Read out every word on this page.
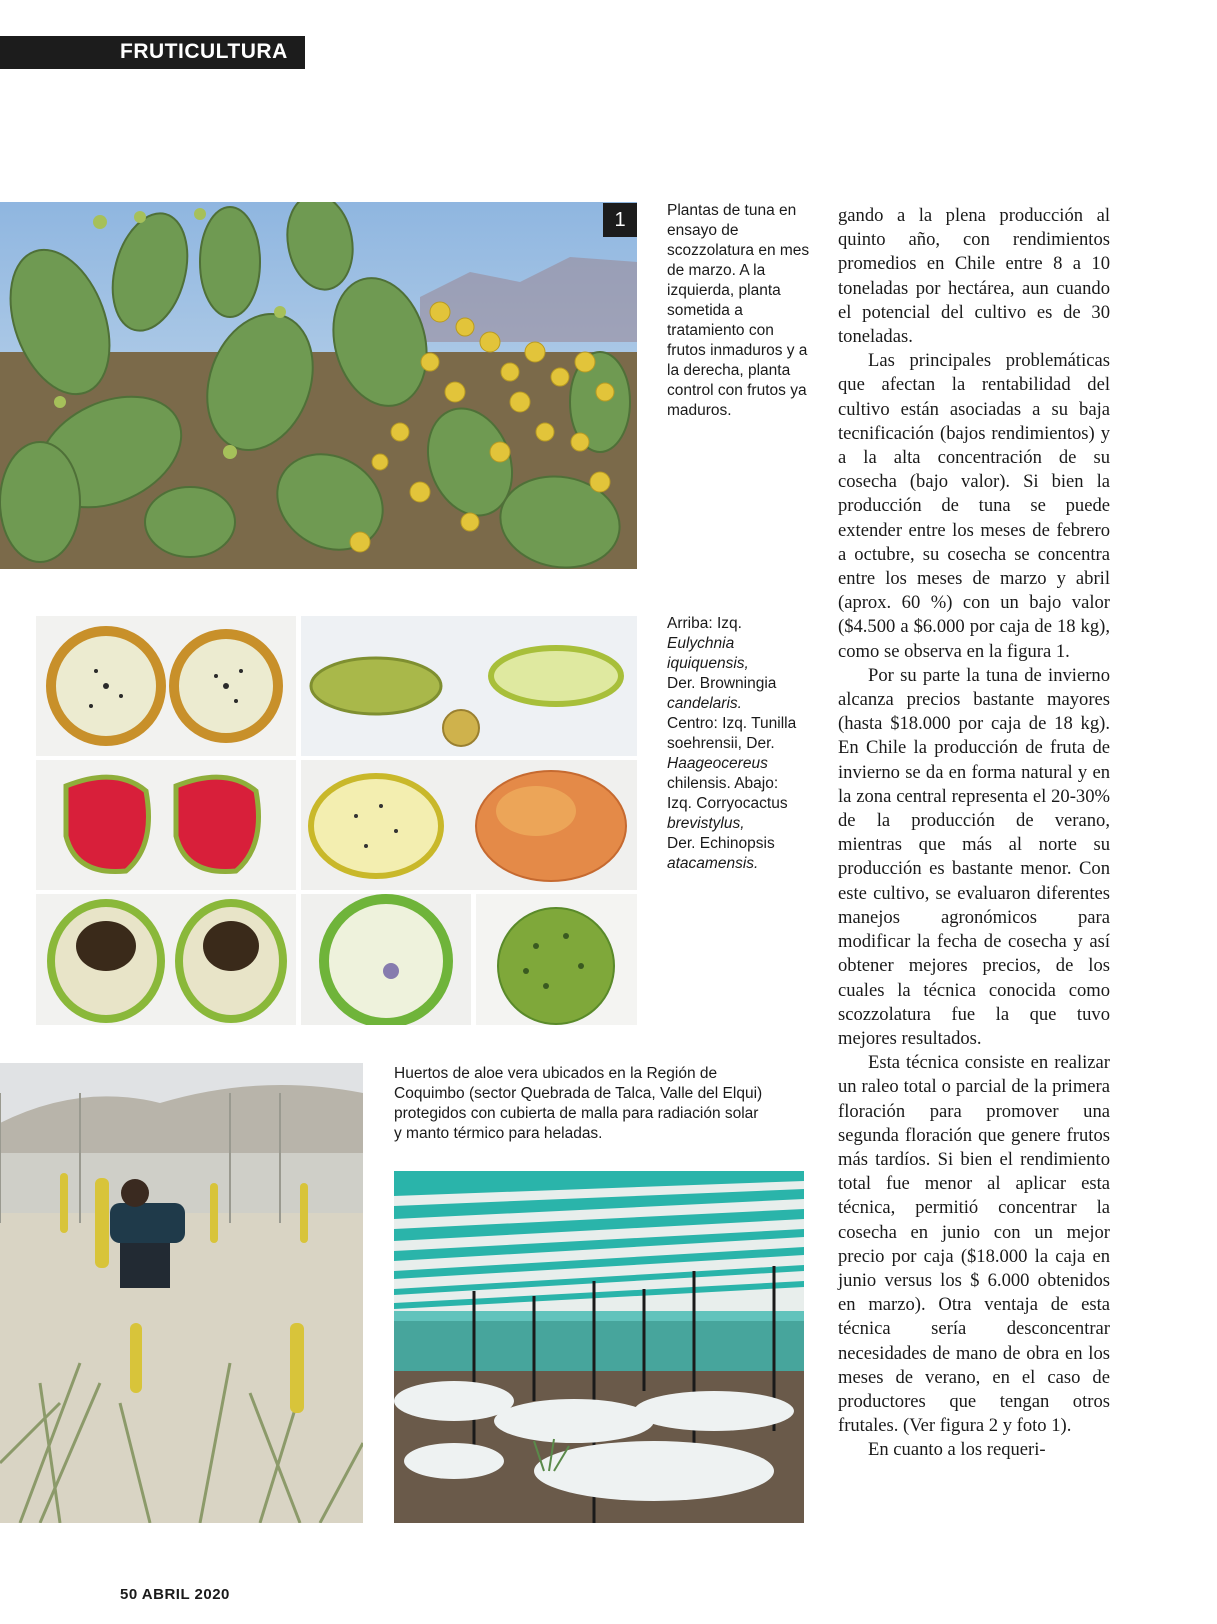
FRUTICULTURA
1	Plantas de tuna en ensayo de scozzolatura en mes de marzo. A la izquierda, planta sometida a tratamiento con frutos inmaduros y a la derecha, planta control con frutos ya maduros.

Arriba: Izq.

Eulychnia

iquiquensis,

Der. Browningia

candelaris.

Centro: Izq. Tunilla

soehrensii, Der.

Haageocereus

chilensis. Abajo:

Izq. Corryocactus

brevistylus,

Der. Echinopsis

atacamensis.

Huertos de aloe vera ubicados en la Región de Coquimbo (sector Quebrada de Talca, Valle del Elqui) protegidos con cubierta de malla para radiación solar y manto térmico para heladas.

gando a la plena producción al quinto año, con rendimientos promedios en Chile entre 8 a 10 toneladas por hectárea, aun cuando el potencial del cultivo es de 30 toneladas.

Las principales problemáticas que afectan la rentabilidad del cultivo están asociadas a su baja tecnificación (bajos rendimientos) y a la alta concentración de su cosecha (bajo valor). Si bien la producción de tuna se puede extender entre los meses de febrero a octubre, su cosecha se concentra entre los meses de marzo y abril (aprox. 60 %) con un bajo valor ($4.500 a $6.000 por caja de 18 kg), como se observa en la figura 1.

Por su parte la tuna de invierno alcanza precios bastante mayores (hasta $18.000 por caja de 18 kg). En Chile la producción de fruta de invierno se da en forma natural y en la zona central representa el 20-30% de la producción de verano, mientras que más al norte su producción es bastante menor. Con este cultivo, se evaluaron diferentes manejos agronómicos para modificar la fecha de cosecha y así obtener mejores precios, de los cuales la técnica conocida como scozzolatura fue la que tuvo mejores resultados.

Esta técnica consiste en realizar un raleo total o parcial de la primera floración para promover una segunda floración que genere frutos más tardíos. Si bien el rendimiento total fue menor al aplicar esta técnica, permitió concentrar la cosecha en junio con un mejor precio por caja ($18.000 la caja en junio versus los $ 6.000 obtenidos en marzo). Otra ventaja de esta técnica sería desconcentrar necesidades de mano de obra en los meses de verano, en el caso de productores que tengan otros frutales. (Ver figura 2 y foto 1).

En cuanto a los requeri-

50 ABRIL 2020
